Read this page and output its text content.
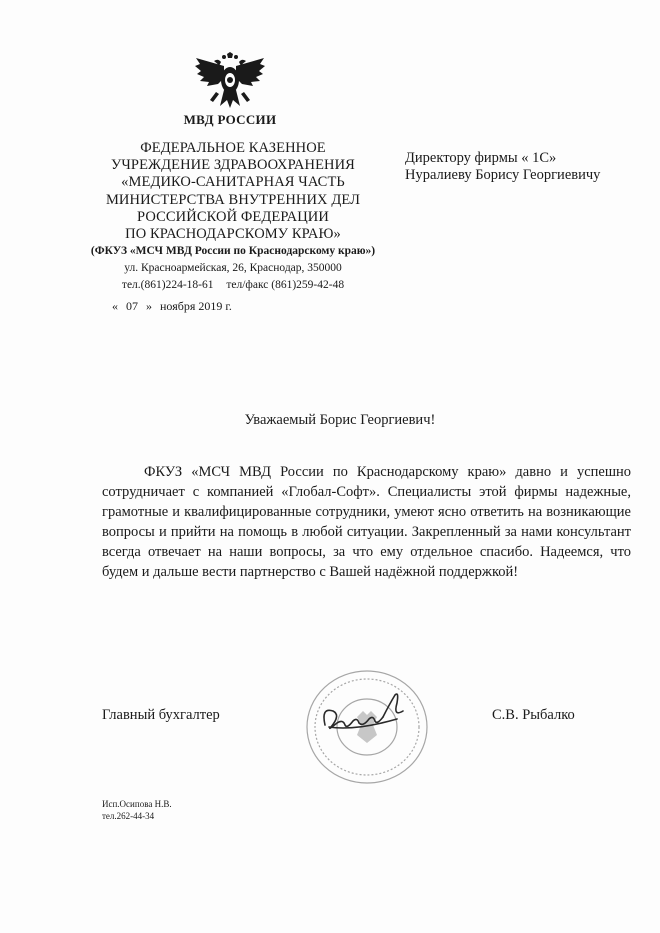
МВД РОССИИ
ФЕДЕРАЛЬНОЕ КАЗЕННОЕ
УЧРЕЖДЕНИЕ ЗДРАВООХРАНЕНИЯ
«МЕДИКО-САНИТАРНАЯ ЧАСТЬ
МИНИСТЕРСТВА ВНУТРЕННИХ ДЕЛ
РОССИЙСКОЙ ФЕДЕРАЦИИ
ПО КРАСНОДАРСКОМУ КРАЮ»
(ФКУЗ «МСЧ МВД России по Краснодарскому краю»)
ул. Красноармейская, 26, Краснодар, 350000
тел.(861)224-18-61 тел/факс (861)259-42-48
« 07 » ноября 2019 г.
Директору фирмы « 1С»
Нуралиеву Борису Георгиевичу
Уважаемый Борис Георгиевич!
ФКУЗ «МСЧ МВД России по Краснодарскому краю» давно и успешно сотрудничает с компанией «Глобал-Софт». Специалисты этой фирмы надежные, грамотные и квалифицированные сотрудники, умеют ясно ответить на возникающие вопросы и прийти на помощь в любой ситуации. Закрепленный за нами консультант всегда отвечает на наши вопросы, за что ему отдельное спасибо. Надеемся, что будем и дальше вести партнерство с Вашей надёжной поддержкой!
Главный бухгалтер	С.В. Рыбалко
Исп.Осипова Н.В.
тел.262-44-34
